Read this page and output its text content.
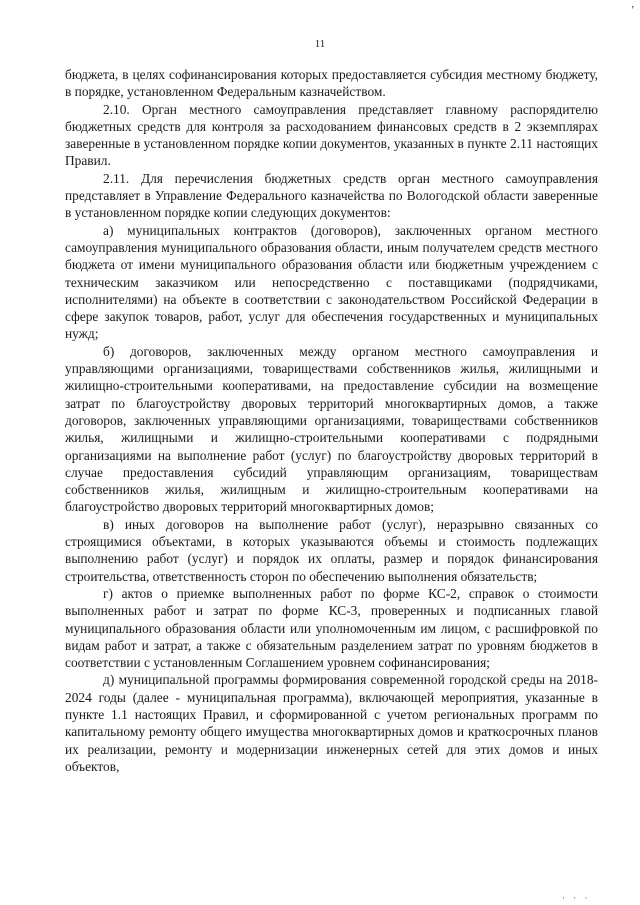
,
11

бюджета, в целях софинансирования которых предоставляется субсидия местному бюджету, в порядке, установленном Федеральным казначейством.

2.10. Орган местного самоуправления представляет главному распорядителю бюджетных средств для контроля за расходованием финансовых средств в 2 экземплярах заверенные в установленном порядке копии документов, указанных в пункте 2.11 настоящих Правил.

2.11. Для перечисления бюджетных средств орган местного самоуправления представляет в Управление Федерального казначейства по Вологодской области заверенные в установленном порядке копии следующих документов:

а) муниципальных контрактов (договоров), заключенных органом местного самоуправления муниципального образования области, иным получателем средств местного бюджета от имени муниципального образования области или бюджетным учреждением с техническим заказчиком или непосредственно с поставщиками (подрядчиками, исполнителями) на объекте в соответствии с законодательством Российской Федерации в сфере закупок товаров, работ, услуг для обеспечения государственных и муниципальных нужд;

б) договоров, заключенных между органом местного самоуправления и управляющими организациями, товариществами собственников жилья, жилищными и жилищно-строительными кооперативами, на предоставление субсидии на возмещение затрат по благоустройству дворовых территорий многоквартирных домов, а также договоров, заключенных управляющими организациями, товариществами собственников жилья, жилищными и жилищно-строительными кооперативами с подрядными организациями на выполнение работ (услуг) по благоустройству дворовых территорий в случае предоставления субсидий управляющим организациям, товариществам собственников жилья, жилищным и жилищно-строительным кооперативами на благоустройство дворовых территорий многоквартирных домов;

в) иных договоров на выполнение работ (услуг), неразрывно связанных со строящимися объектами, в которых указываются объемы и стоимость подлежащих выполнению работ (услуг) и порядок их оплаты, размер и порядок финансирования строительства, ответственность сторон по обеспечению выполнения обязательств;

г) актов о приемке выполненных работ по форме КС-2, справок о стоимости выполненных работ и затрат по форме КС-3, проверенных и подписанных главой муниципального образования области или уполномоченным им лицом, с расшифровкой по видам работ и затрат, а также с обязательным разделением затрат по уровням бюджетов в соответствии с установленным Соглашением уровнем софинансирования;

д) муниципальной программы формирования современной городской среды на 2018-2024 годы (далее - муниципальная программа), включающей мероприятия, указанные в пункте 1.1 настоящих Правил, и сформированной с учетом региональных программ по капитальному ремонту общего имущества многоквартирных домов и краткосрочных планов их реализации, ремонту и модернизации инженерных сетей для этих домов и иных объектов,

· · ·
